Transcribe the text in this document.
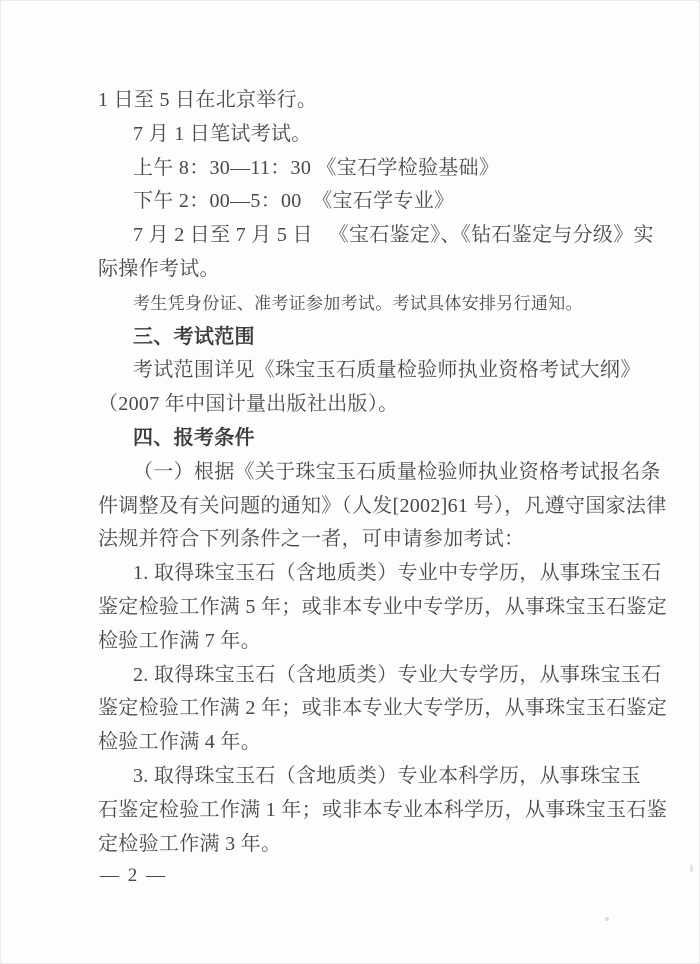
1 日至 5 日在北京举行。
7 月 1 日笔试考试。
上午 8：30—11：30 《宝石学检验基础》
下午 2：00—5：00  《宝石学专业》
7 月 2 日至 7 月 5 日   《宝石鉴定》、《钻石鉴定与分级》实
际操作考试。
考生凭身份证、准考证参加考试。考试具体安排另行通知。
三、考试范围
考试范围详见《珠宝玉石质量检验师执业资格考试大纲》
（2007 年中国计量出版社出版）。
四、报考条件
（一）根据《关于珠宝玉石质量检验师执业资格考试报名条
件调整及有关问题的通知》（人发[2002]61 号），凡遵守国家法律
法规并符合下列条件之一者，可申请参加考试：
1. 取得珠宝玉石（含地质类）专业中专学历，从事珠宝玉石
鉴定检验工作满 5 年；或非本专业中专学历，从事珠宝玉石鉴定
检验工作满 7 年。
2. 取得珠宝玉石（含地质类）专业大专学历，从事珠宝玉石
鉴定检验工作满 2 年；或非本专业大专学历，从事珠宝玉石鉴定
检验工作满 4 年。
3. 取得珠宝玉石（含地质类）专业本科学历，从事珠宝玉
石鉴定检验工作满 1 年；或非本专业本科学历，从事珠宝玉石鉴
定检验工作满 3 年。
— 2 —
